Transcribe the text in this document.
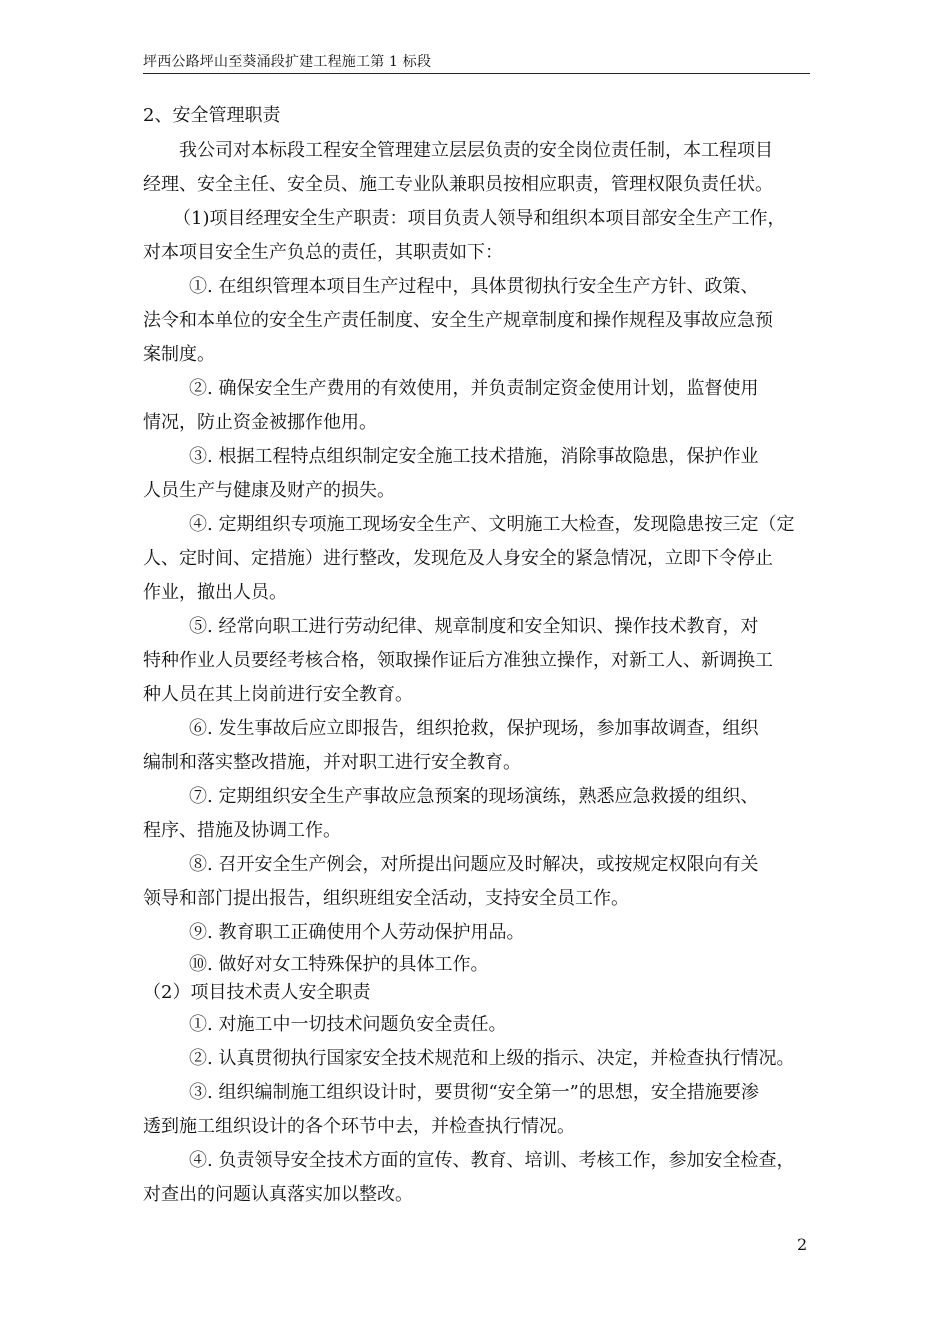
坪西公路坪山至葵涌段扩建工程施工第 1 标段
2、安全管理职责
我公司对本标段工程安全管理建立层层负责的安全岗位责任制，本工程项目
经理、安全主任、安全员、施工专业队兼职员按相应职责，管理权限负责任状。
（1)项目经理安全生产职责：项目负责人领导和组织本项目部安全生产工作，
对本项目安全生产负总的责任，其职责如下：
①. 在组织管理本项目生产过程中，具体贯彻执行安全生产方针、政策、
法令和本单位的安全生产责任制度、安全生产规章制度和操作规程及事故应急预
案制度。
②. 确保安全生产费用的有效使用，并负责制定资金使用计划，监督使用
情况，防止资金被挪作他用。
③. 根据工程特点组织制定安全施工技术措施，消除事故隐患，保护作业
人员生产与健康及财产的损失。
④. 定期组织专项施工现场安全生产、文明施工大检查，发现隐患按三定（定
人、定时间、定措施）进行整改，发现危及人身安全的紧急情况，立即下令停止
作业，撤出人员。
⑤. 经常向职工进行劳动纪律、规章制度和安全知识、操作技术教育，对
特种作业人员要经考核合格，领取操作证后方准独立操作，对新工人、新调换工
种人员在其上岗前进行安全教育。
⑥. 发生事故后应立即报告，组织抢救，保护现场，参加事故调查，组织
编制和落实整改措施，并对职工进行安全教育。
⑦. 定期组织安全生产事故应急预案的现场演练，熟悉应急救援的组织、
程序、措施及协调工作。
⑧. 召开安全生产例会，对所提出问题应及时解决，或按规定权限向有关
领导和部门提出报告，组织班组安全活动，支持安全员工作。
⑨. 教育职工正确使用个人劳动保护用品。
⑩. 做好对女工特殊保护的具体工作。
（2）项目技术责人安全职责
①. 对施工中一切技术问题负安全责任。
②. 认真贯彻执行国家安全技术规范和上级的指示、决定，并检查执行情况。
③. 组织编制施工组织设计时，要贯彻“安全第一”的思想，安全措施要渗
透到施工组织设计的各个环节中去，并检查执行情况。
④. 负责领导安全技术方面的宣传、教育、培训、考核工作，参加安全检查，
对查出的问题认真落实加以整改。
2
